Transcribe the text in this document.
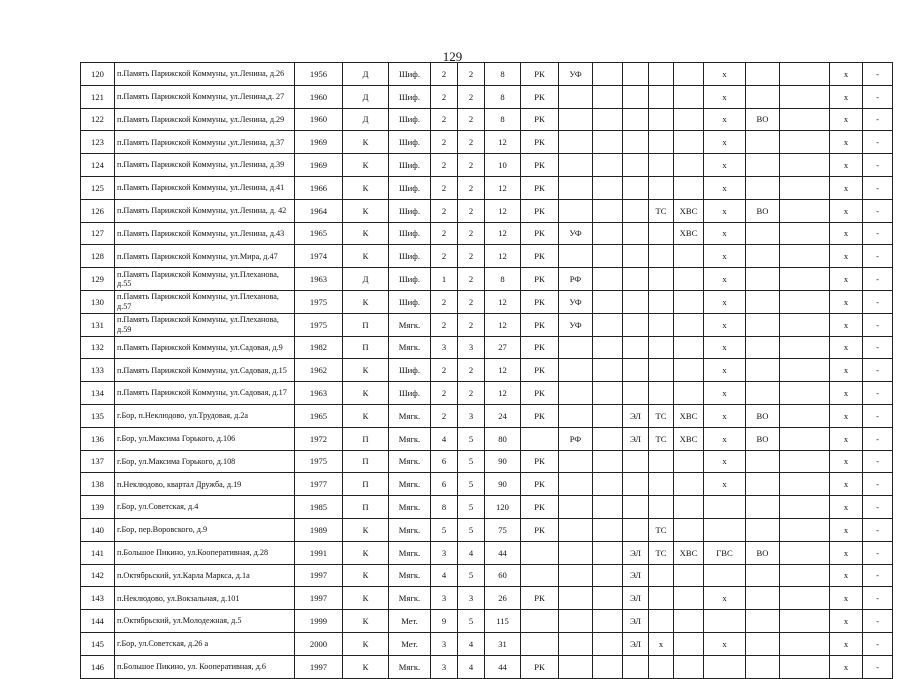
129
120	п.Память Парижской Коммуны, ул.Ленина, д.26	1956	Д	Шиф.	2	2	8	РК	УФ					х			х	-
121	п.Память Парижской Коммуны, ул.Ленина,д. 27	1960	Д	Шиф.	2	2	8	РК						х			х	-
122	п.Память Парижской Коммуны, ул.Ленина, д.29	1960	Д	Шиф.	2	2	8	РК						х	ВО		х	-
123	п.Память Парижской Коммуны ,ул.Ленина, д.37	1969	К	Шиф.	2	2	12	РК						х			х	-
124	п.Память Парижской Коммуны, ул.Ленина, д.39	1969	К	Шиф.	2	2	10	РК						х			х	-
125	п.Память Парижской Коммуны, ул.Ленина, д.41	1966	К	Шиф.	2	2	12	РК						х			х	-
126	п.Память Парижской Коммуны, ул.Ленина, д. 42	1964	К	Шиф.	2	2	12	РК				ТС	ХВС	х	ВО		х	-
127	п.Память Парижской Коммуны, ул.Ленина, д.43	1965	К	Шиф.	2	2	12	РК	УФ				ХВС	х			х	-
128	п.Память Парижской Коммуны, ул.Мира, д.47	1974	К	Шиф.	2	2	12	РК						х			х	-
129	п.Память Парижской Коммуны, ул.Плеханова, д.55	1963	Д	Шиф.	1	2	8	РК	РФ					х			х	-
130	п.Память Парижской Коммуны, ул.Плеханова, д.57	1975	К	Шиф.	2	2	12	РК	УФ					х			х	-
131	п.Память Парижской Коммуны, ул.Плеханова, д.59	1975	П	Мягк.	2	2	12	РК	УФ					х			х	-
132	п.Память Парижской Коммуны, ул.Садовая, д.9	1982	П	Мягк.	3	3	27	РК						х			х	-
133	п.Память Парижской Коммуны, ул.Садовая, д.15	1962	К	Шиф.	2	2	12	РК						х			х	-
134	п.Память Парижской Коммуны, ул.Садовая, д.17	1963	К	Шиф.	2	2	12	РК						х			х	-
135	г.Бор, п.Неклюдово, ул.Трудовая, д.2а	1965	К	Мягк.	2	3	24	РК			ЭЛ	ТС	ХВС	х	ВО		х	-
136	г.Бор, ул.Максима Горького, д.106	1972	П	Мягк.	4	5	80		РФ		ЭЛ	ТС	ХВС	х	ВО		х	-
137	г.Бор, ул.Максима Горького, д.108	1975	П	Мягк.	6	5	90	РК						х			х	-
138	п.Неклюдово, квартал Дружба, д.19	1977	П	Мягк.	6	5	90	РК						х			х	-
139	г.Бор, ул.Советская, д.4	1985	П	Мягк.	8	5	120	РК									х	-
140	г.Бор, пер.Воровского, д.9	1989	К	Мягк.	5	5	75	РК				ТС					х	-
141	п.Большое Пикино, ул.Кооперативная, д.28	1991	К	Мягк.	3	4	44				ЭЛ	ТС	ХВС	ГВС	ВО		х	-
142	п.Октябрьский, ул.Карла Маркса, д.1а	1997	К	Мягк.	4	5	60				ЭЛ						х	-
143	п.Неклюдово, ул.Вокзальная, д.101	1997	К	Мягк.	3	3	26	РК			ЭЛ			х			х	-
144	п.Октябрьский, ул.Молодежная, д.5	1999	К	Мет.	9	5	115				ЭЛ						х	-
145	г.Бор, ул.Советская, д.26 а	2000	К	Мет.	3	4	31				ЭЛ	х		х			х	-
146	п.Большое Пикино, ул. Кооперативная, д.6	1997	К	Мягк.	3	4	44	РК									х	-
